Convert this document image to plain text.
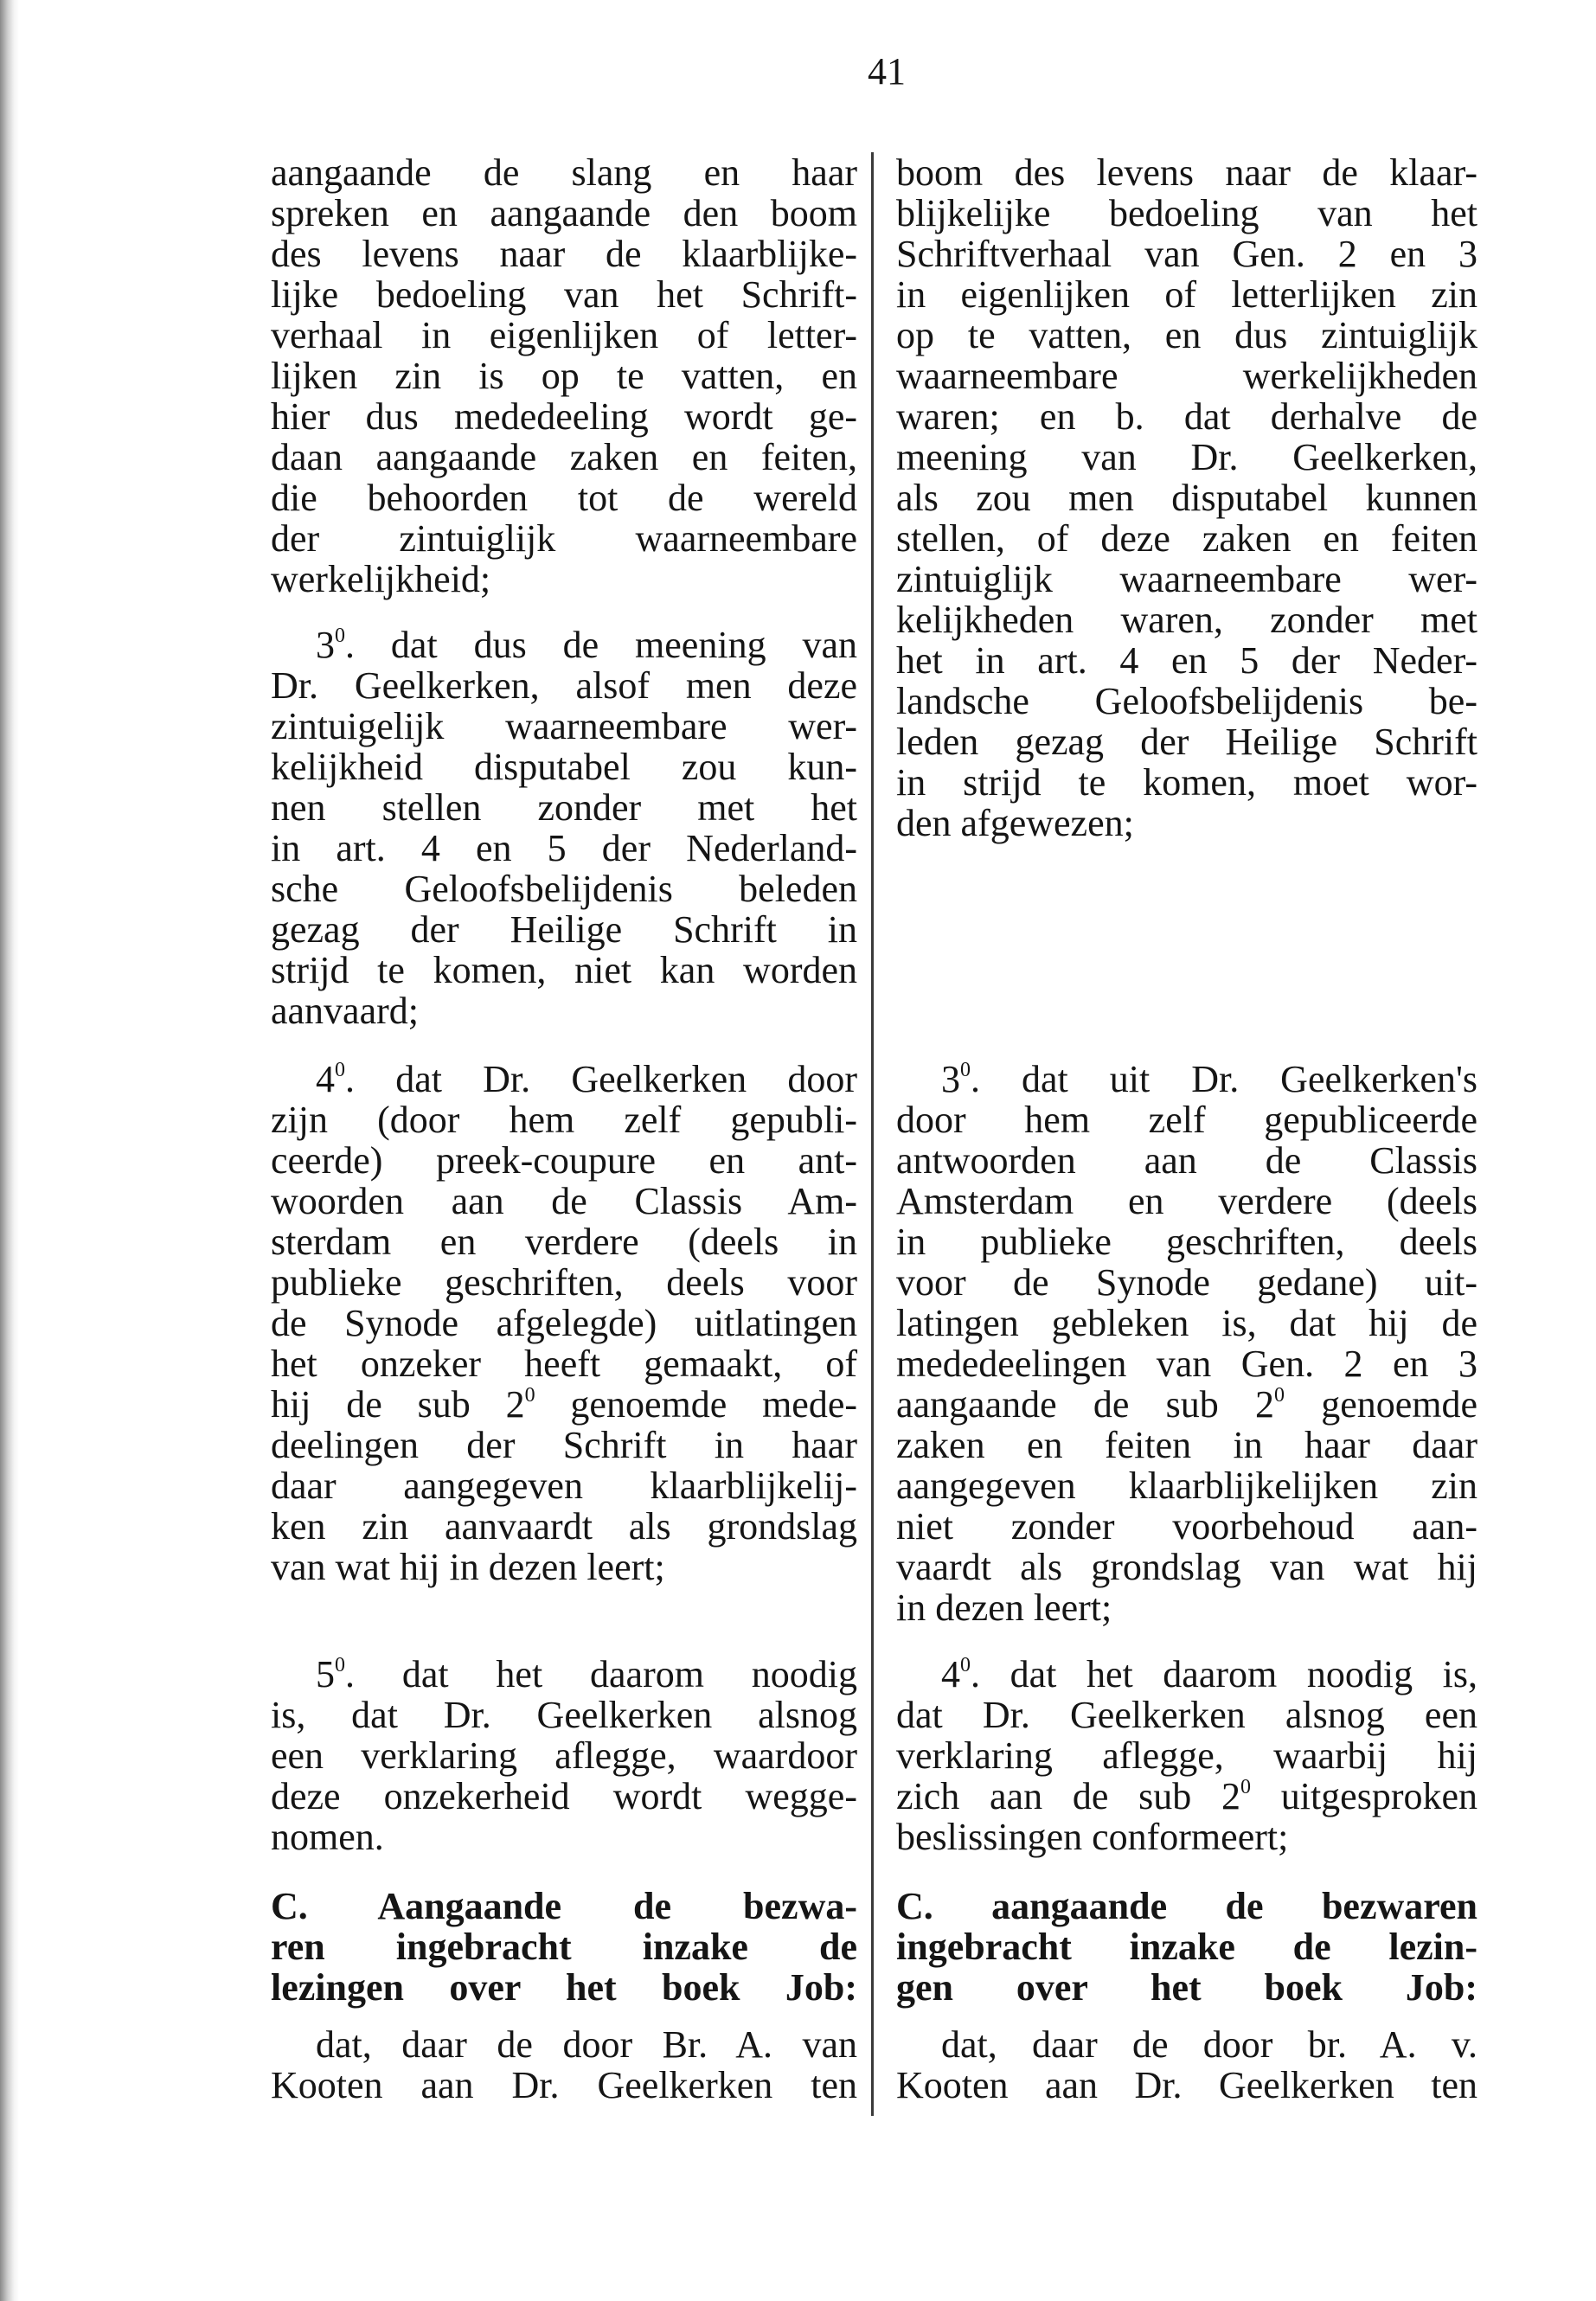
41
aangaande de slang en haar
spreken en aangaande den boom
des levens naar de klaarblijke-
lijke bedoeling van het Schrift-
verhaal in eigenlijken of letter-
lijken zin is op te vatten, en
hier dus mededeeling wordt ge-
daan aangaande zaken en feiten,
die behoorden tot de wereld
der zintuiglijk waarneembare
werkelijkheid;
$3^0$. dat dus de meening van
Dr. Geelkerken, alsof men deze
zintuigelijk waarneembare wer-
kelijkheid disputabel zou kun-
nen stellen zonder met het
in art. 4 en 5 der Nederland-
sche Geloofsbelijdenis beleden
gezag der Heilige Schrift in
strijd te komen, niet kan worden
aanvaard;
$4^0$. dat Dr. Geelkerken door
zijn (door hem zelf gepubli-
ceerde) preek-coupure en ant-
woorden aan de Classis Am-
sterdam en verdere (deels in
publieke geschriften, deels voor
de Synode afgelegde) uitlatingen
het onzeker heeft gemaakt, of
hij de sub $2^0$ genoemde mede-
deelingen der Schrift in haar
daar aangegeven klaarblijkelij-
ken zin aanvaardt als grondslag
van wat hij in dezen leert;
$5^0$. dat het daarom noodig
is, dat Dr. Geelkerken alsnog
een verklaring aflegge, waardoor
deze onzekerheid wordt wegge-
nomen.
C. Aangaande de bezwa-
ren ingebracht inzake de
lezingen over het boek Job:
dat, daar de door Br. A. van
Kooten aan Dr. Geelkerken ten
boom des levens naar de klaar-
blijkelijke bedoeling van het
Schriftverhaal van Gen. 2 en 3
in eigenlijken of letterlijken zin
op te vatten, en dus zintuiglijk
waarneembare werkelijkheden
waren; en b. dat derhalve de
meening van Dr. Geelkerken,
als zou men disputabel kunnen
stellen, of deze zaken en feiten
zintuiglijk waarneembare wer-
kelijkheden waren, zonder met
het in art. 4 en 5 der Neder-
landsche Geloofsbelijdenis be-
leden gezag der Heilige Schrift
in strijd te komen, moet wor-
den afgewezen;
$3^0$. dat uit Dr. Geelkerken's
door hem zelf gepubliceerde
antwoorden aan de Classis
Amsterdam en verdere (deels
in publieke geschriften, deels
voor de Synode gedane) uit-
latingen gebleken is, dat hij de
mededeelingen van Gen. 2 en 3
aangaande de sub $2^0$ genoemde
zaken en feiten in haar daar
aangegeven klaarblijkelijken zin
niet zonder voorbehoud aan-
vaardt als grondslag van wat hij
in dezen leert;
$4^0$. dat het daarom noodig is,
dat Dr. Geelkerken alsnog een
verklaring aflegge, waarbij hij
zich aan de sub $2^0$ uitgesproken
beslissingen conformeert;
C. aangaande de bezwaren
ingebracht inzake de lezin-
gen over het boek Job:
dat, daar de door br. A. v.
Kooten aan Dr. Geelkerken ten
